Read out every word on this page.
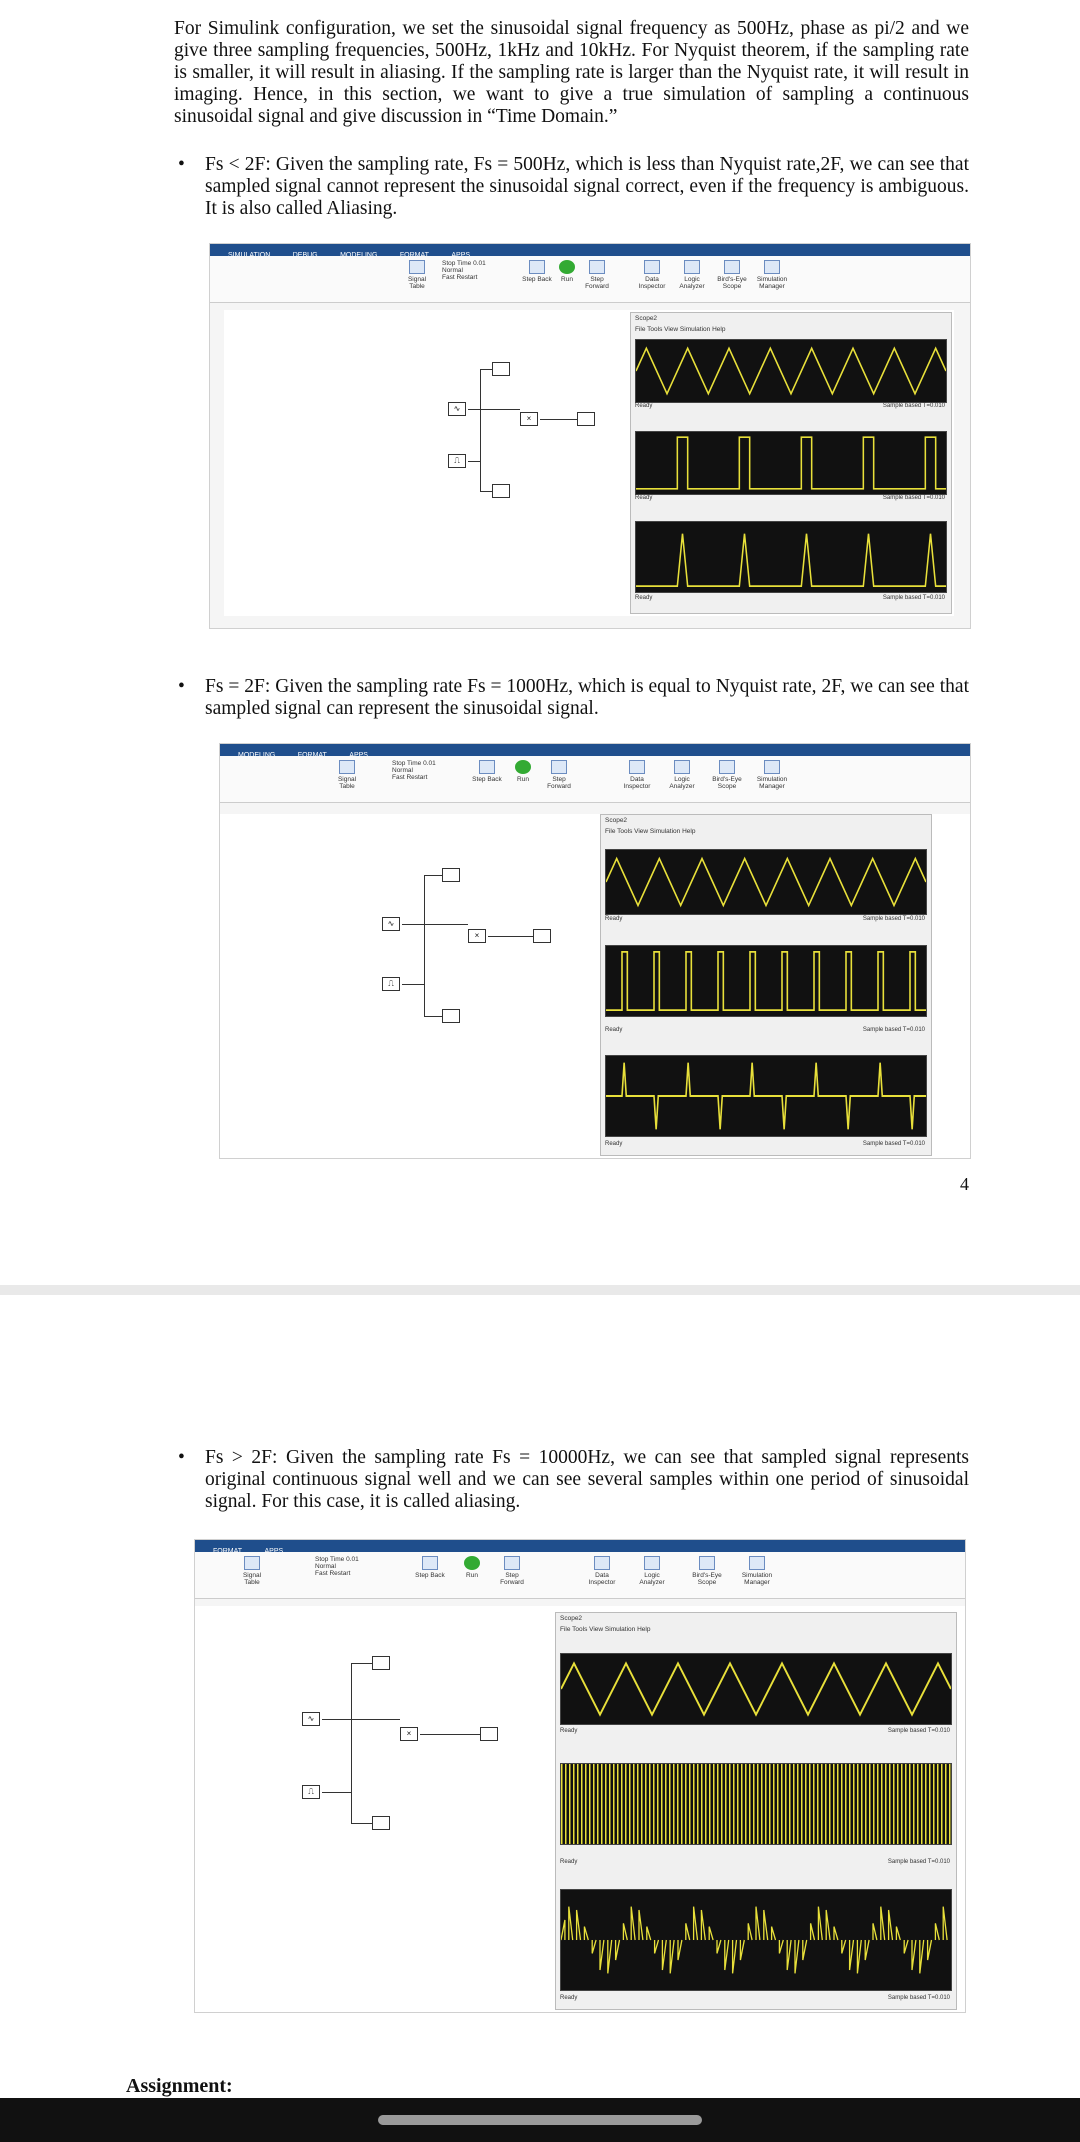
For Simulink configuration, we set the sinusoidal signal frequency as 500Hz, phase as pi/2 and we give three sampling frequencies, 500Hz, 1kHz and 10kHz. For Nyquist theorem, if the sampling rate is smaller, it will result in aliasing. If the sampling rate is larger than the Nyquist rate, it will result in imaging. Hence, in this section, we want to give a true simulation of sampling a continuous sinusoidal signal and give discussion in “Time Domain.”

• Fs < 2F: Given the sampling rate, Fs = 500Hz, which is less than Nyquist rate,2F, we can see that sampled signal cannot represent the sinusoidal signal correct, even if the frequency is ambiguous. It is also called Aliasing.

Signal Table
Stop Time 0.01
Normal
Fast Restart	Step Back	Run	Step Forward
Data Inspector
Logic Analyzer
Bird's-Eye Scope
Simulation Manager
∿
⎍
×
Scope2
File Tools View Simulation Help
Ready	Sample based T=0.010
Ready	Sample based T=0.010
Ready	Sample based T=0.010
• Fs = 2F: Given the sampling rate Fs = 1000Hz, which is equal to Nyquist rate, 2F, we can see that sampled signal can represent the sinusoidal signal.

Signal Table
Stop Time 0.01
Normal
Fast Restart	Step Back	Run	Step Forward
Data Inspector
Logic Analyzer
Bird's-Eye Scope
Simulation Manager
∿
⎍
×
Scope2
File Tools View Simulation Help
Ready	Sample based T=0.010
Ready	Sample based T=0.010
Ready	Sample based T=0.010
4
• Fs > 2F: Given the sampling rate Fs = 10000Hz, we can see that sampled signal represents original continuous signal well and we can see several samples within one period of sinusoidal signal. For this case, it is called aliasing.

Signal Table
Stop Time 0.01
Normal
Fast Restart	Step Back	Run	Step Forward
Data Inspector
Logic Analyzer
Bird's-Eye Scope
Simulation Manager
∿
⎍
×
Scope2
File Tools View Simulation Help
Ready	Sample based T=0.010
Ready	Sample based T=0.010
Ready	Sample based T=0.010
Assignment:
